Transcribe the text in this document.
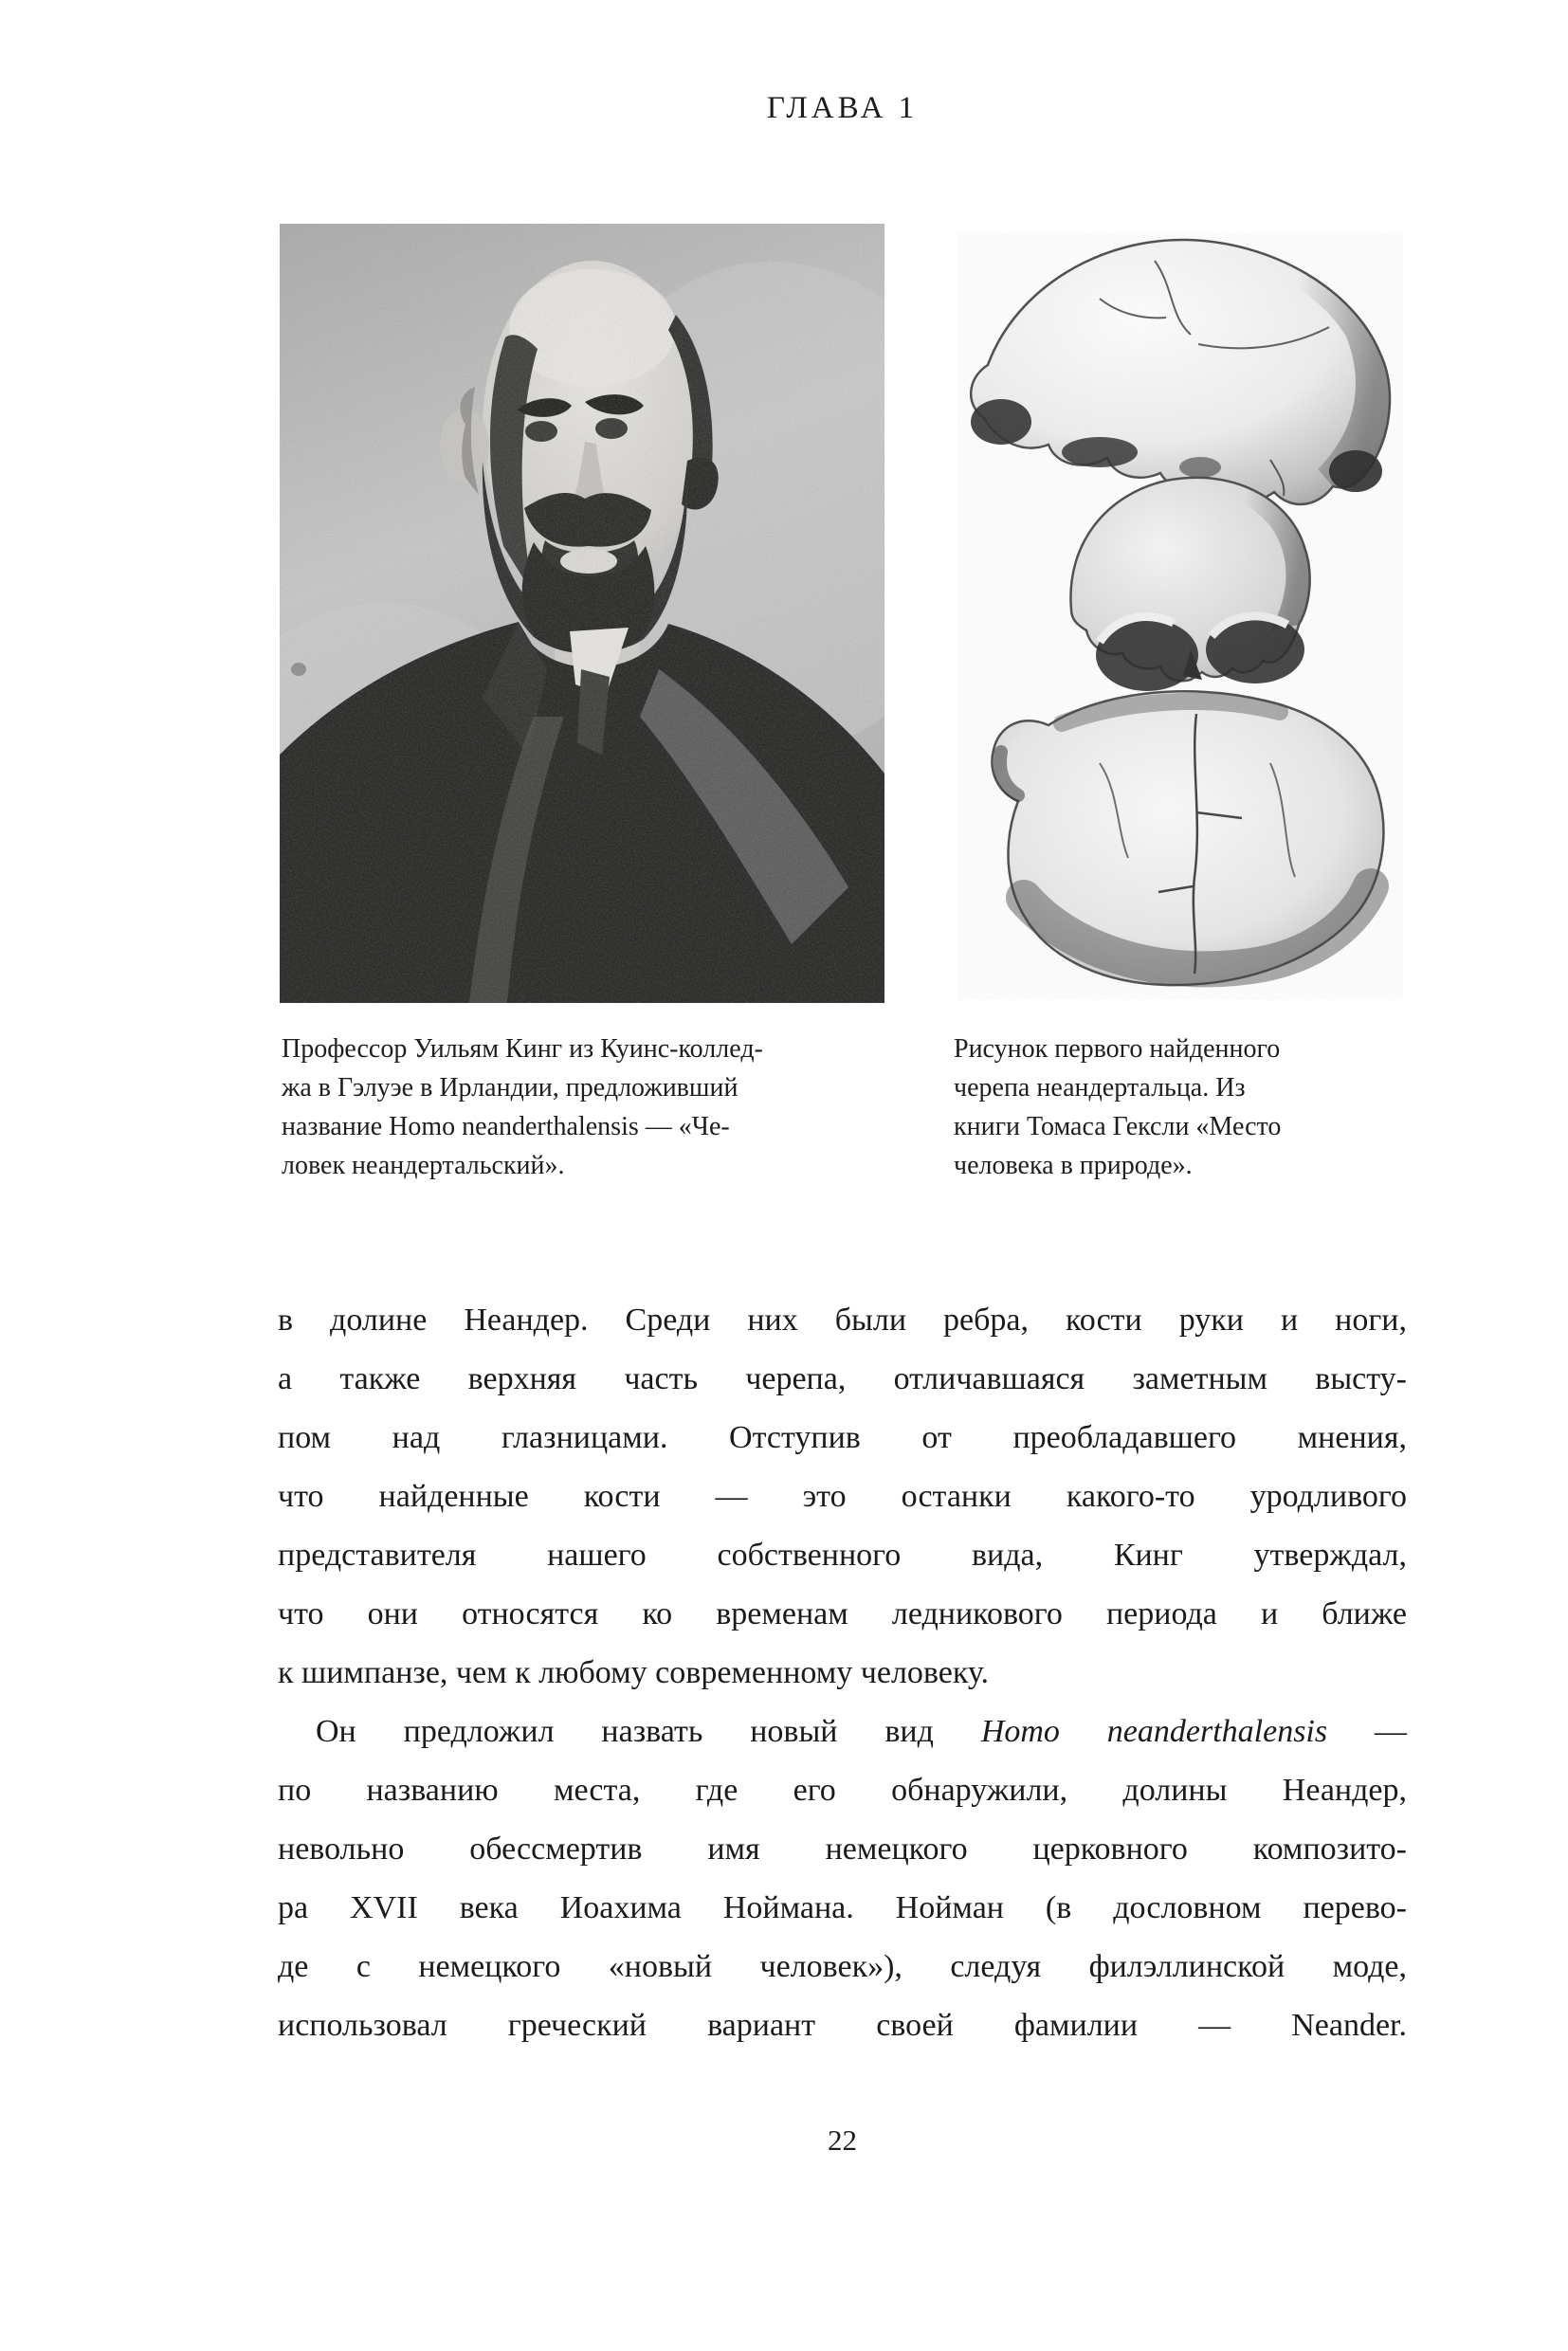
ГЛАВА 1
Профессор Уильям Кинг из Куинс-коллед-
жа в Гэлуэе в Ирландии, предложивший
название Homo neanderthalensis — «Че-
ловек неандертальский».
Рисунок первого найденного
черепа неандертальца. Из
книги Томаса Гексли «Место
человека в природе».
в долине Неандер. Среди них были ребра, кости руки и ноги,
а также верхняя часть черепа, отличавшаяся заметным высту-
пом над глазницами. Отступив от преобладавшего мнения,
что найденные кости — это останки какого-то уродливого
представителя нашего собственного вида, Кинг утверждал,
что они относятся ко временам ледникового периода и ближе
к шимпанзе, чем к любому современному человеку.
Он предложил назвать новый вид Homo neanderthalensis —
по названию места, где его обнаружили, долины Неандер,
невольно обессмертив имя немецкого церковного композито-
ра XVII века Иоахима Ноймана. Нойман (в дословном перево-
де с немецкого «новый человек»), следуя филэллинской моде,
использовал греческий вариант своей фамилии — Neander.
22
